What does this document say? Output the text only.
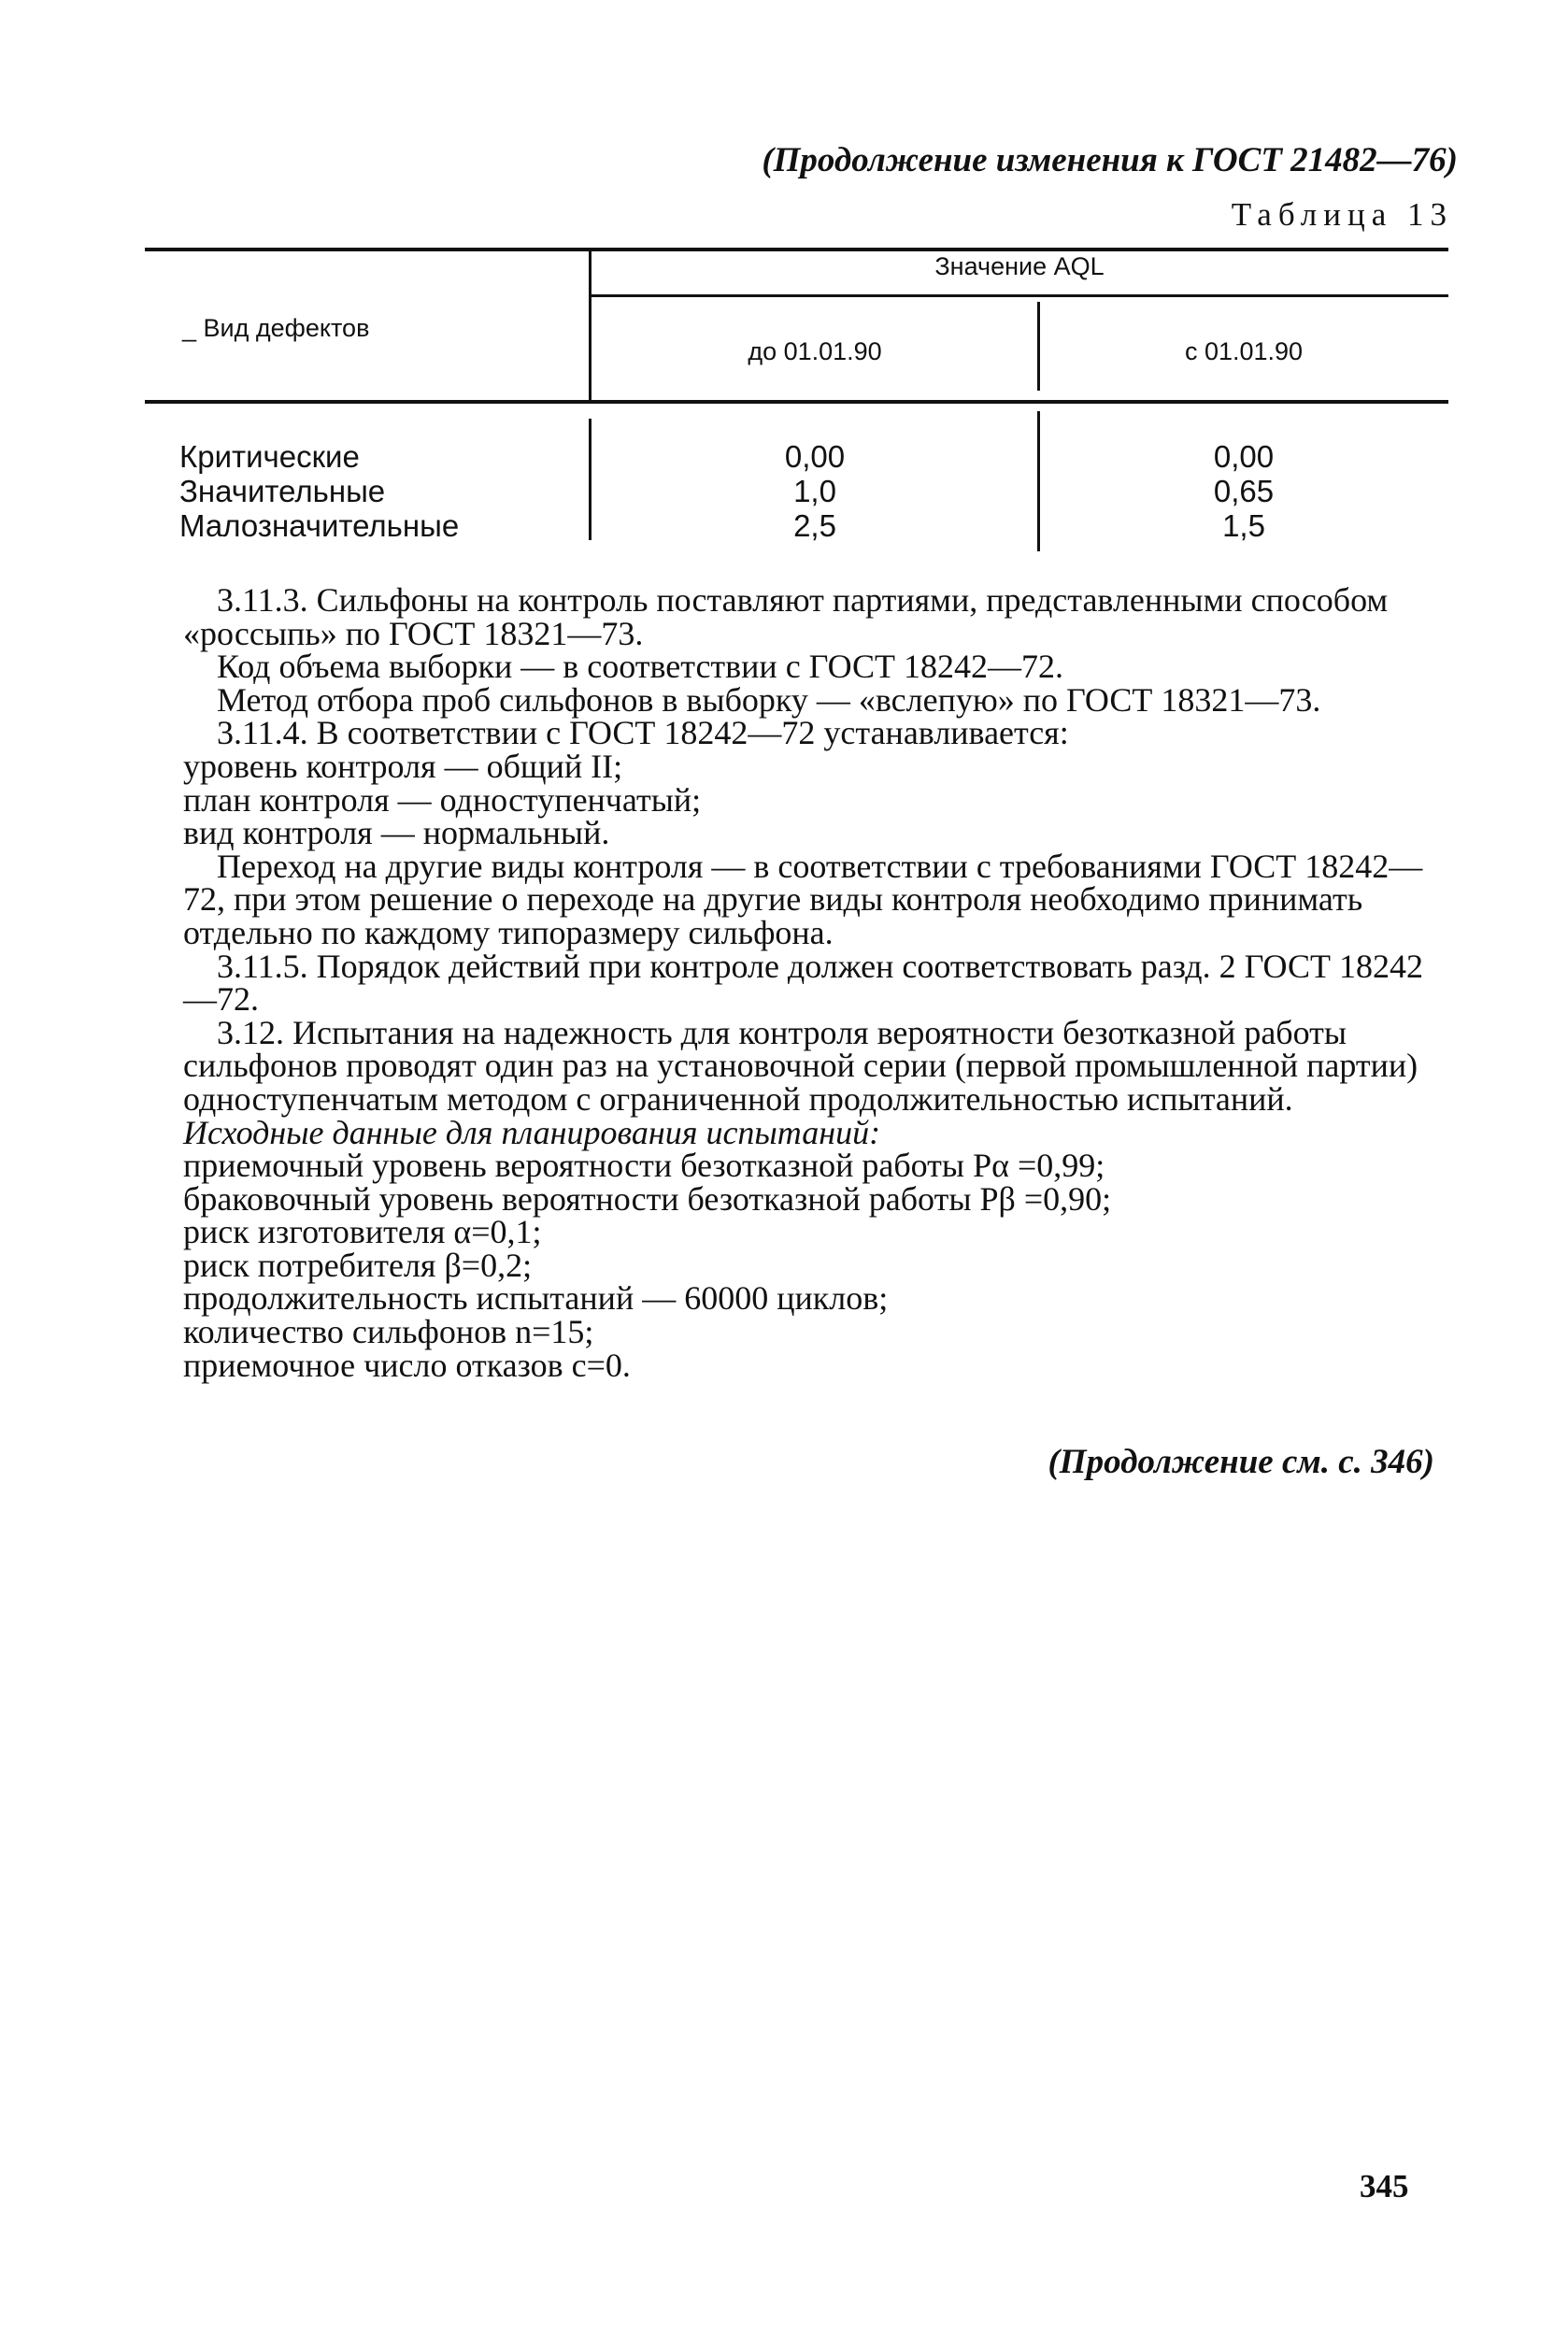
(Продолжение изменения к ГОСТ 21482—76)
Таблица 13
Значение AQL
_ Вид дефектов
до 01.01.90	с 01.01.90
Критические
Значительные
Малозначительные
0,00
1,0
2,5
0,00
0,65
1,5

3.11.3. Сильфоны на контроль поставляют партиями, представленными способом «россыпь» по ГОСТ 18321—73.

Код объема выборки — в соответствии с ГОСТ 18242—72.

Метод отбора проб сильфонов в выборку — «вслепую» по ГОСТ 18321—73.

3.11.4. В соответствии с ГОСТ 18242—72 устанавливается:

уровень контроля — общий II;

план контроля — одноступенчатый;

вид контроля — нормальный.

Переход на другие виды контроля — в соответствии с требованиями ГОСТ 18242—72, при этом решение о переходе на другие виды контроля необходимо принимать отдельно по каждому типоразмеру сильфона.

3.11.5. Порядок действий при контроле должен соответствовать разд. 2 ГОСТ 18242—72.

3.12. Испытания на надежность для контроля вероятности безотказной работы сильфонов проводят один раз на установочной серии (первой промышленной партии) одноступенчатым методом с ограниченной продолжительностью испытаний.

Исходные данные для планирования испытаний:

приемочный уровень вероятности безотказной работы Pα =0,99;

браковочный уровень вероятности безотказной работы Pβ =0,90;

риск изготовителя α=0,1;

риск потребителя β=0,2;

продолжительность испытаний — 60000 циклов;

количество сильфонов n=15;

приемочное число отказов c=0.

(Продолжение см. с. 346)
345
